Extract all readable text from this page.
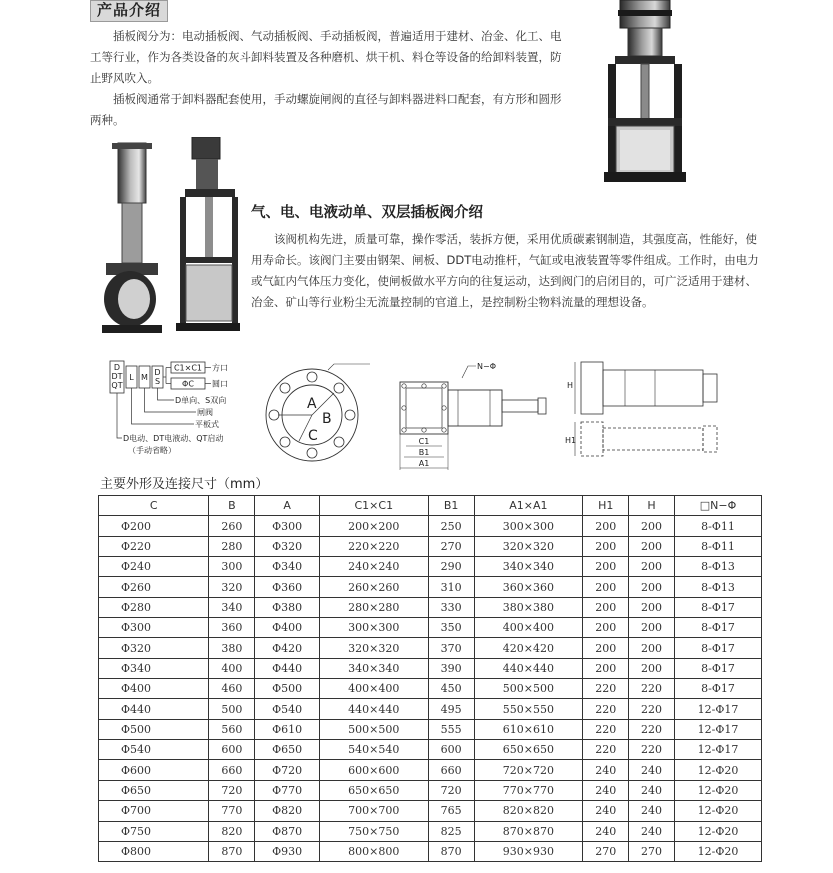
产品介绍

插板阀分为：电动插板阀、气动插板阀、手动插板阀，普遍适用于建材、冶金、化工、电工等行业，作为各类设备的灰斗卸料装置及各种磨机、烘干机、料仓等设备的给卸料装置，防止野风吹入。

插板阀通常于卸料器配套使用，手动螺旋闸阀的直径与卸料器进料口配套，有方形和圆形两种。

气、电、电液动单、双层插板阀介绍

该阀机构先进，质量可靠，操作零活，装拆方便，采用优质碳素钢制造，其强度高，性能好，使用寿命长。该阀门主要由钢架、闸板、DDT电动推杆，气缸或电液装置等零件组成。工作时，由电力或气缸内气体压力变化，使闸板做水平方向的往复运动，达到阀门的启闭目的，可广泛适用于建材、冶金、矿山等行业粉尘无流量控制的官道上，是控制粉尘物料流量的理想设备。

D
DT
QT
L M
D
S
C1×C1
ΦC
方口
圆口
D单向、S双向
闸阀
平板式
D电动、DT电液动、QT启动
（手动省略）
A
B
C
N−Φ
C1
B1
A1
H
H1
主要外形及连接尺寸（mm）
C	B	A	C1×C1	B1	A1×A1	H1	H	□N−Φ
Φ200	260	Φ300	200×200	250	300×300	200	200	8-Φ11
Φ220	280	Φ320	220×220	270	320×320	200	200	8-Φ11
Φ240	300	Φ340	240×240	290	340×340	200	200	8-Φ13
Φ260	320	Φ360	260×260	310	360×360	200	200	8-Φ13
Φ280	340	Φ380	280×280	330	380×380	200	200	8-Φ17
Φ300	360	Φ400	300×300	350	400×400	200	200	8-Φ17
Φ320	380	Φ420	320×320	370	420×420	200	200	8-Φ17
Φ340	400	Φ440	340×340	390	440×440	200	200	8-Φ17
Φ400	460	Φ500	400×400	450	500×500	220	220	8-Φ17
Φ440	500	Φ540	440×440	495	550×550	220	220	12-Φ17
Φ500	560	Φ610	500×500	555	610×610	220	220	12-Φ17
Φ540	600	Φ650	540×540	600	650×650	220	220	12-Φ17
Φ600	660	Φ720	600×600	660	720×720	240	240	12-Φ20
Φ650	720	Φ770	650×650	720	770×770	240	240	12-Φ20
Φ700	770	Φ820	700×700	765	820×820	240	240	12-Φ20
Φ750	820	Φ870	750×750	825	870×870	240	240	12-Φ20
Φ800	870	Φ930	800×800	870	930×930	270	270	12-Φ20
